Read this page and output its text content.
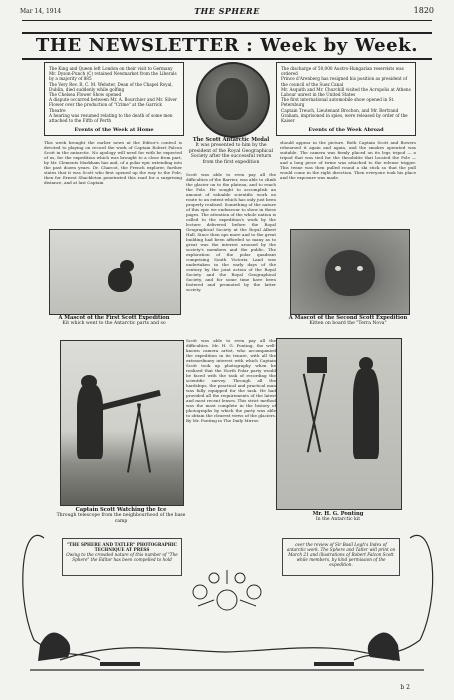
Mar 14, 1914	THE SPHERE	1820
THE NEWSLETTER : Week by Week.
The King and Queen left London on their visit to Germany
Mr. Dyson-Punch (C) retained Newmarket from the Liberals by a majority of 885
The Very Rev. R. C. M. Webster, Dean of the Chapel Royal, Dublin, died suddenly while golfing
The Chelsea Flower Show opened
A dispute occurred between Mr. A. Bourchier and Mr. Silver Flower over the production of "Crime" at the Garrick Theatre
A hearing was resumed relating to the death of some men attached to the Fifth of Perth
Events of the Week at Home
The discharge of 50,000 Austro-Hungarian reservists was ordered
Prince d'Arenberg has resigned his position as president of the council of the Suez Canal
Mr. Asquith and Mr. Churchill visited the Acropolis at Athens
Labour unrest in the United States
The first international automobile show opened in St. Petersburg
Captain Treuch, Lieutenant Brochon, and Mr. Bertrand Graham, imprisoned in spies, were released by order of the Kaiser
Events of the Week Abroad
The Scott Antarctic Medal
It was presented to him by the president of the Royal Geographical Society after the successful return from the first expedition
This week brought the earlier news at the Editor's control is devoted to playing on record the work of Captain Robert Falcon Scott in the antarctic. No apology will need for with be expected of us, for the expedition which was brought to a close from part, by Mr. Clements Markham has and, of a polar epic extending into the past dozen years. Dr. Charcot, the French explorer, further states that it was Scott who first opened up the way to the Pole, then for Ernest Shackleton penetrated this road for a surprising distance, and at last Captain
should appear in the picture. Both Captain Scott and Bowers rehearsed it again and again, and the smokes operated was suitable. The camera was firmly placed on its legs tripod — a tripod that was tied for the theodolite that located the Pole — and a long piece of twine was attached to the release trigger. This twine was then pulled round a ski stick so that the pull would come in the right direction. Then everyone took his place and the exposure was made.
Scott was able to even pay all the difficulties of the Barrier, was able to climb the glacier on to the plateau, and to reach the Pole. He sought to accomplish an amount of valuable scientific work on route to an extent which has only just been properly realised. Something of the nature of this epic we endeavour to show in these pages. The attention of the whole nation is called to the expedition's work by the lecture delivered before the Royal Geographical Society at the Royal Albert Hall. Since then ups more and to the great building had been afforded so many as to great was the interest aroused by the society's members and the public. The exploration of the polar quadrant comprising South Victoria Land was undertaken in the early days of the century by the joint action of the Royal Society and the Royal Geographical Society, and for some time have been fostered and promoted by the latter society.
A Mascot of the First Scott Expedition
Kit which went to the Antarctic parts and so
A Mascot of the Second Scott Expedition
Kitten on board the "Terra Nova"
Captain Scott Watching the Ice
Through telescope from the neighbourhood of the base camp
Scott was able to even pay all the difficulties. Mr. H. G. Ponting, the well-known camera artist, who accompanied the expedition in its tenure, with all the extraordinary interest with which Captain Scott took up photography when he realised that the North Polar party would be faced with the task of recording the scientific survey. Through all the hardships, the practical and practical man was fully equipped for the task. He had provided all the requirements of the latest and most recent lenses. This strict method was the most complete in the history of photographs by which the party was able to obtain the clearest views of the glaciers. By Mr. Ponting in The Daily Mirror.
Mr. H. G. Ponting
In the Antarctic kit
"THE SPHERE AND TATLER" PHOTOGRAPHIC TECHNIQUE AT PRESS
Owing to the crowded nature of this number of "The Sphere" the Editor has been compelled to hold
over the review of Sir Basil Legh's Index of antarctic work. The Sphere and Tatler will print on March 21 and illustrations of Robert Falcon Scott while members, by kind permission of the expedition.
b 2
